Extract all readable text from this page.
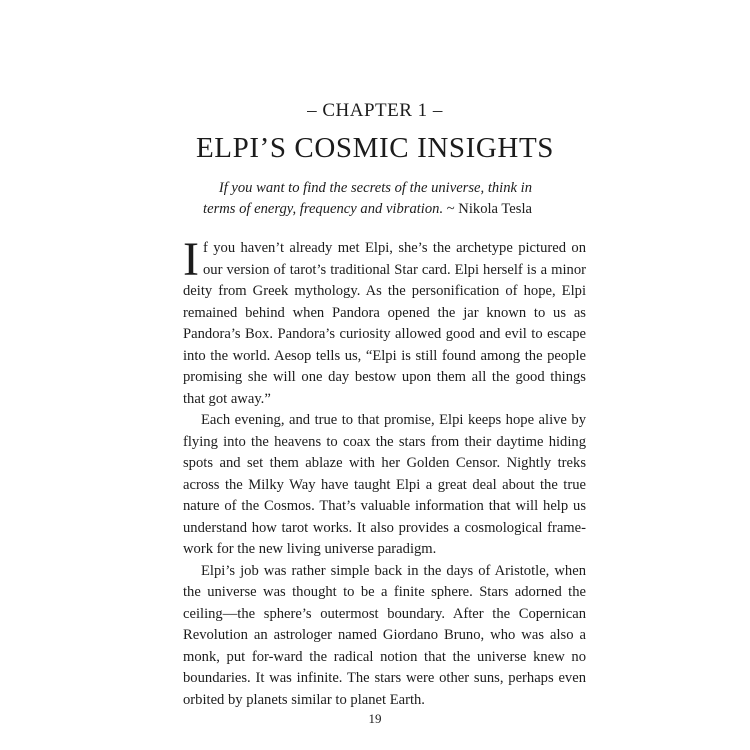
– CHAPTER 1 –
ELPI’S COSMIC INSIGHTS
If you want to find the secrets of the universe, think in terms of energy, frequency and vibration. ~ Nikola Tesla

If you haven’t already met Elpi, she’s the archetype pictured on our version of tarot’s traditional Star card. Elpi herself is a minor deity from Greek mythology. As the personification of hope, Elpi remained behind when Pandora opened the jar known to us as Pandora’s Box. Pandora’s curiosity allowed good and evil to escape into the world. Aesop tells us, “Elpi is still found among the people promising she will one day bestow upon them all the good things that got away.”

Each evening, and true to that promise, Elpi keeps hope alive by flying into the heavens to coax the stars from their daytime hiding spots and set them ablaze with her Golden Censor. Nightly treks across the Milky Way have taught Elpi a great deal about the true nature of the Cosmos. That’s valuable information that will help us understand how tarot works. It also provides a cosmological frame-work for the new living universe paradigm.

Elpi’s job was rather simple back in the days of Aristotle, when the universe was thought to be a finite sphere. Stars adorned the ceiling—the sphere’s outermost boundary. After the Copernican Revolution an astrologer named Giordano Bruno, who was also a monk, put for-ward the radical notion that the universe knew no boundaries. It was infinite. The stars were other suns, perhaps even orbited by planets similar to planet Earth.

19
